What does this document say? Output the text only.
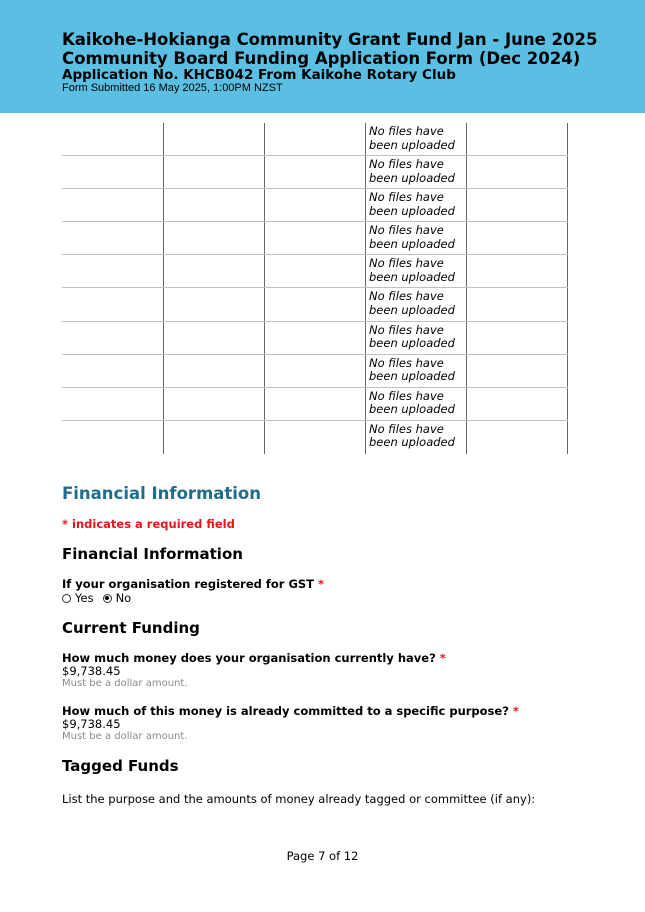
Kaikohe-Hokianga Community Grant Fund Jan - June 2025
Community Board Funding Application Form (Dec 2024)
Application No. KHCB042 From Kaikohe Rotary Club
Form Submitted 16 May 2025, 1:00PM NZST
No files have been uploaded
No files have been uploaded
No files have been uploaded
No files have been uploaded
No files have been uploaded
No files have been uploaded
No files have been uploaded
No files have been uploaded
No files have been uploaded
No files have been uploaded
Financial Information
* indicates a required field
Financial Information
If your organisation registered for GST *
Yes No
Current Funding
How much money does your organisation currently have? *
$9,738.45
Must be a dollar amount.
How much of this money is already committed to a specific purpose? *
$9,738.45
Must be a dollar amount.
Tagged Funds
List the purpose and the amounts of money already tagged or committee (if any):
Page 7 of 12
